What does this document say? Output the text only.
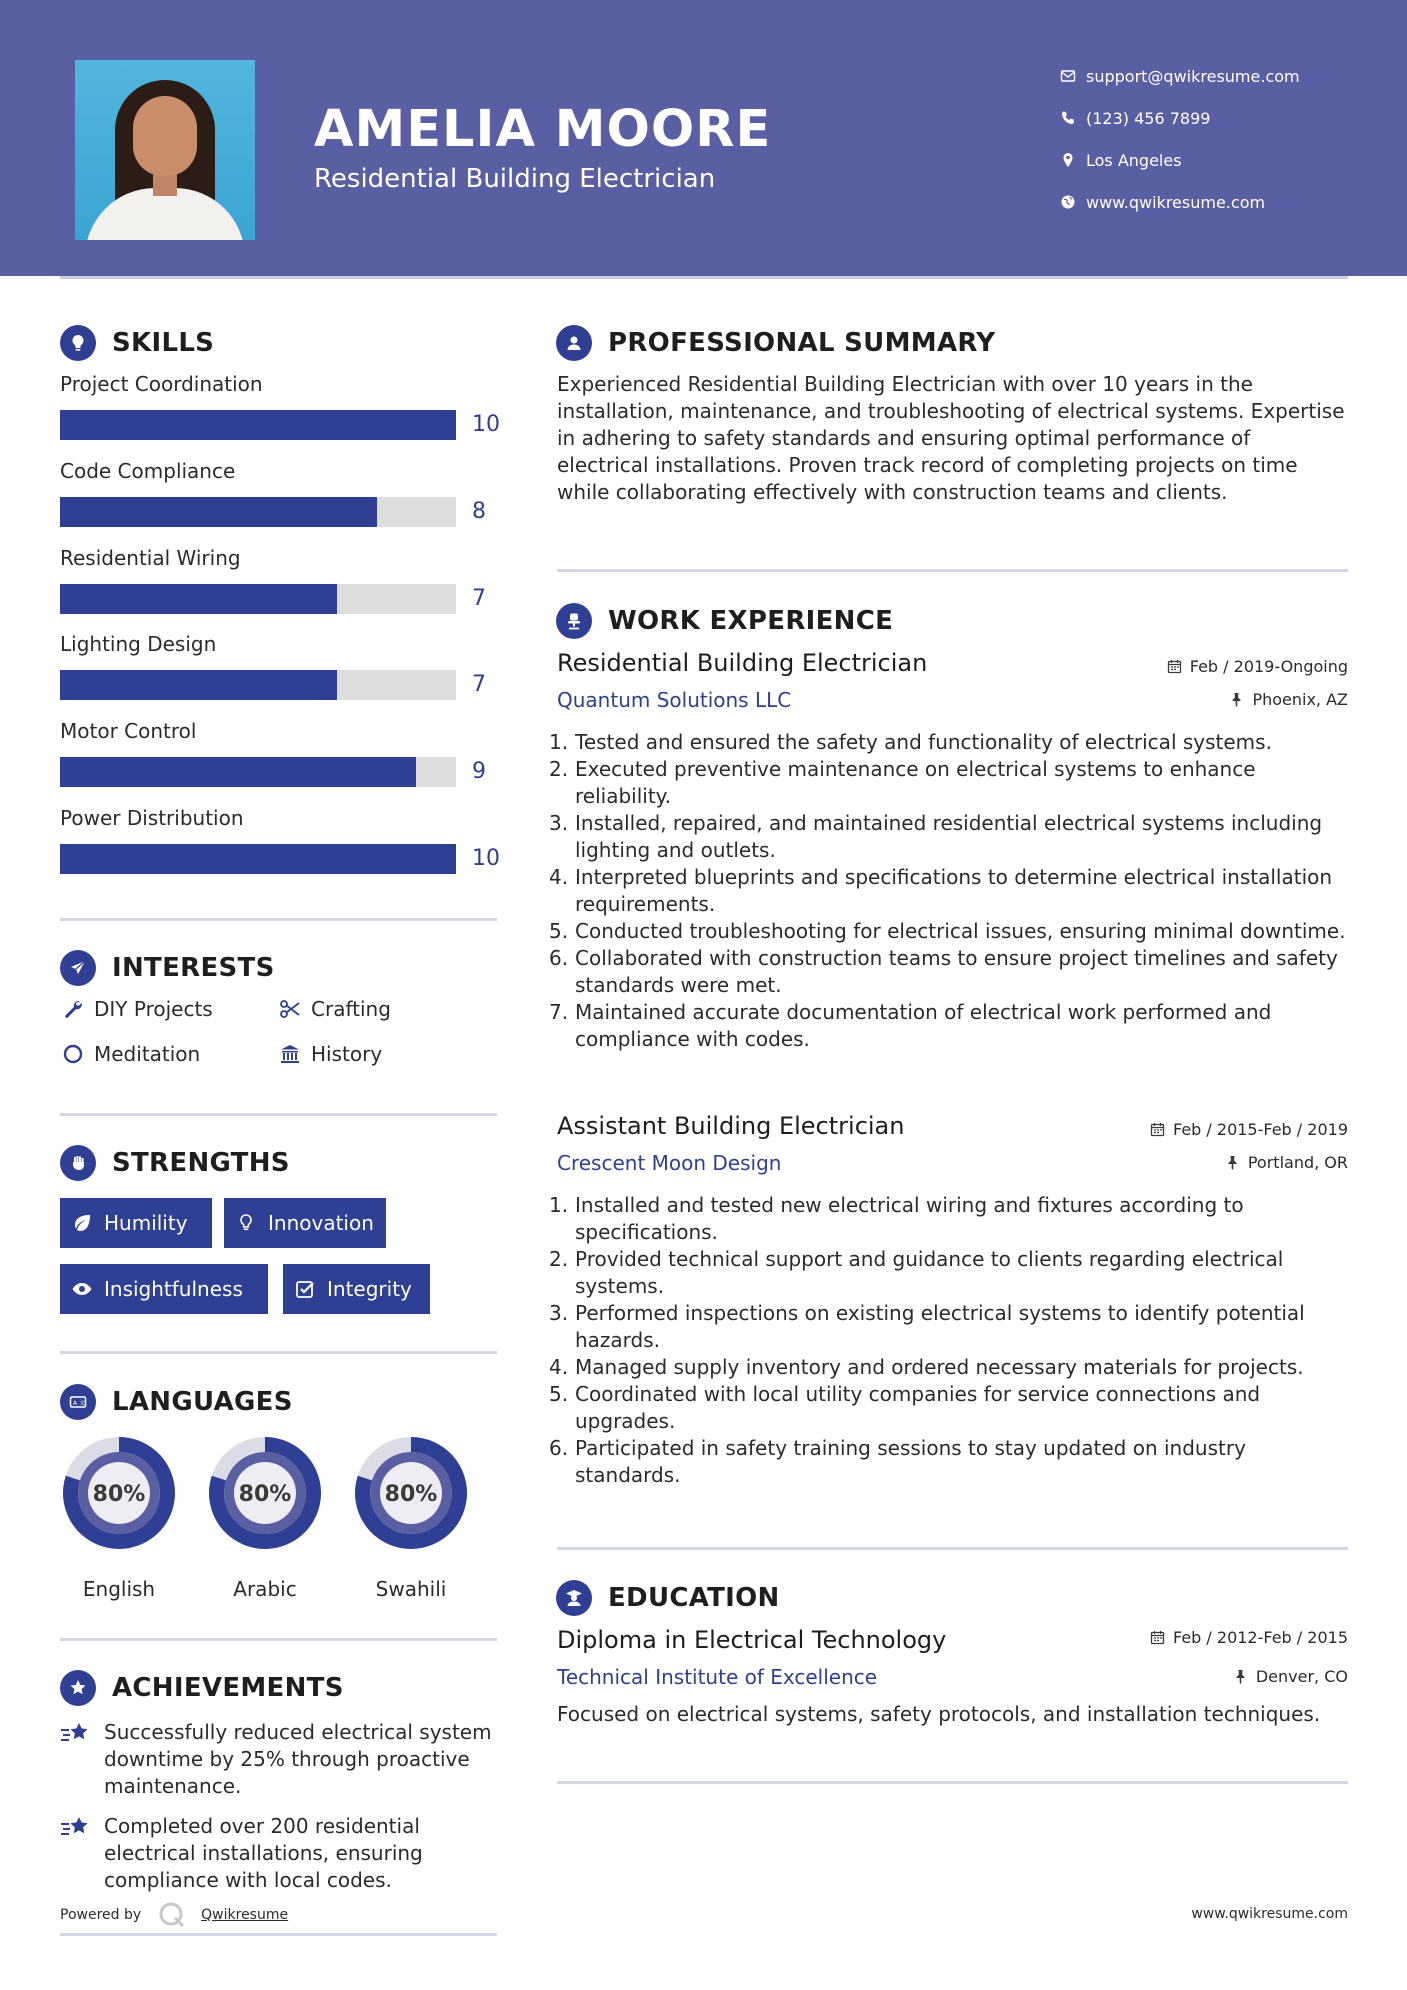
AMELIA MOORE
Residential Building Electrician
support@qwikresume.com
(123) 456 7899
Los Angeles
www.qwikresume.com
SKILLS
Project Coordination
10
Code Compliance
8
Residential Wiring
7
Lighting Design
7
Motor Control
9
Power Distribution
10
INTERESTS
DIY Projects	Crafting
Meditation	History
STRENGTHS
Humility	Innovation
Insightfulness	Integrity
A 文 LANGUAGES
80%
English
80%
Arabic
80%
Swahili
ACHIEVEMENTS
Successfully reduced electrical system downtime by 25% through proactive maintenance.
Completed over 200 residential electrical installations, ensuring compliance with local codes.
Powered by	Qwikresume
PROFESSIONAL SUMMARY
Experienced Residential Building Electrician with over 10 years in the installation, maintenance, and troubleshooting of electrical systems. Expertise in adhering to safety standards and ensuring optimal performance of electrical installations. Proven track record of completing projects on time while collaborating effectively with construction teams and clients.
WORK EXPERIENCE
Residential Building Electrician	Feb / 2019-Ongoing
Quantum Solutions LLC	Phoenix, AZ
1. Tested and ensured the safety and functionality of electrical systems.
2. Executed preventive maintenance on electrical systems to enhance reliability.
3. Installed, repaired, and maintained residential electrical systems including lighting and outlets.
4. Interpreted blueprints and specifications to determine electrical installation requirements.
5. Conducted troubleshooting for electrical issues, ensuring minimal downtime.
6. Collaborated with construction teams to ensure project timelines and safety standards were met.
7. Maintained accurate documentation of electrical work performed and compliance with codes.
Assistant Building Electrician	Feb / 2015-Feb / 2019
Crescent Moon Design	Portland, OR
1. Installed and tested new electrical wiring and fixtures according to specifications.
2. Provided technical support and guidance to clients regarding electrical systems.
3. Performed inspections on existing electrical systems to identify potential hazards.
4. Managed supply inventory and ordered necessary materials for projects.
5. Coordinated with local utility companies for service connections and upgrades.
6. Participated in safety training sessions to stay updated on industry standards.
EDUCATION
Diploma in Electrical Technology	Feb / 2012-Feb / 2015
Technical Institute of Excellence	Denver, CO
Focused on electrical systems, safety protocols, and installation techniques.
www.qwikresume.com
